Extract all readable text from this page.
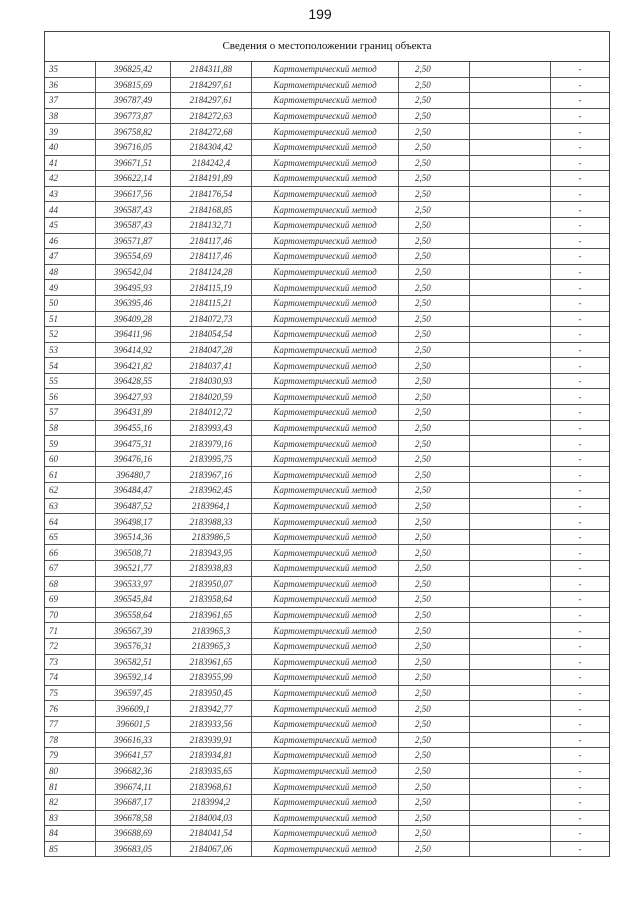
199
Сведения о местоположении границ объекта
35	396825,42	2184311,88	Картометрический метод	2,50		-
36	396815,69	2184297,61	Картометрический метод	2,50		-
37	396787,49	2184297,61	Картометрический метод	2,50		-
38	396773,87	2184272,63	Картометрический метод	2,50		-
39	396758,82	2184272,68	Картометрический метод	2,50		-
40	396716,05	2184304,42	Картометрический метод	2,50		-
41	396671,51	2184242,4	Картометрический метод	2,50		-
42	396622,14	2184191,89	Картометрический метод	2,50		-
43	396617,56	2184176,54	Картометрический метод	2,50		-
44	396587,43	2184168,85	Картометрический метод	2,50		-
45	396587,43	2184132,71	Картометрический метод	2,50		-
46	396571,87	2184117,46	Картометрический метод	2,50		-
47	396554,69	2184117,46	Картометрический метод	2,50		-
48	396542,04	2184124,28	Картометрический метод	2,50		-
49	396495,93	2184115,19	Картометрический метод	2,50		-
50	396395,46	2184115,21	Картометрический метод	2,50		-
51	396409,28	2184072,73	Картометрический метод	2,50		-
52	396411,96	2184054,54	Картометрический метод	2,50		-
53	396414,92	2184047,28	Картометрический метод	2,50		-
54	396421,82	2184037,41	Картометрический метод	2,50		-
55	396428,55	2184030,93	Картометрический метод	2,50		-
56	396427,93	2184020,59	Картометрический метод	2,50		-
57	396431,89	2184012,72	Картометрический метод	2,50		-
58	396455,16	2183993,43	Картометрический метод	2,50		-
59	396475,31	2183979,16	Картометрический метод	2,50		-
60	396476,16	2183995,75	Картометрический метод	2,50		-
61	396480,7	2183967,16	Картометрический метод	2,50		-
62	396484,47	2183962,45	Картометрический метод	2,50		-
63	396487,52	2183964,1	Картометрический метод	2,50		-
64	396498,17	2183988,33	Картометрический метод	2,50		-
65	396514,36	2183986,5	Картометрический метод	2,50		-
66	396508,71	2183943,95	Картометрический метод	2,50		-
67	396521,77	2183938,83	Картометрический метод	2,50		-
68	396533,97	2183950,07	Картометрический метод	2,50		-
69	396545,84	2183958,64	Картометрический метод	2,50		-
70	396558,64	2183961,65	Картометрический метод	2,50		-
71	396567,39	2183965,3	Картометрический метод	2,50		-
72	396576,31	2183965,3	Картометрический метод	2,50		-
73	396582,51	2183961,65	Картометрический метод	2,50		-
74	396592,14	2183955,99	Картометрический метод	2,50		-
75	396597,45	2183950,45	Картометрический метод	2,50		-
76	396609,1	2183942,77	Картометрический метод	2,50		-
77	396601,5	2183933,56	Картометрический метод	2,50		-
78	396616,33	2183939,91	Картометрический метод	2,50		-
79	396641,57	2183934,81	Картометрический метод	2,50		-
80	396682,36	2183935,65	Картометрический метод	2,50		-
81	396674,11	2183968,61	Картометрический метод	2,50		-
82	396687,17	2183994,2	Картометрический метод	2,50		-
83	396678,58	2184004,03	Картометрический метод	2,50		-
84	396688,69	2184041,54	Картометрический метод	2,50		-
85	396683,05	2184067,06	Картометрический метод	2,50		-
